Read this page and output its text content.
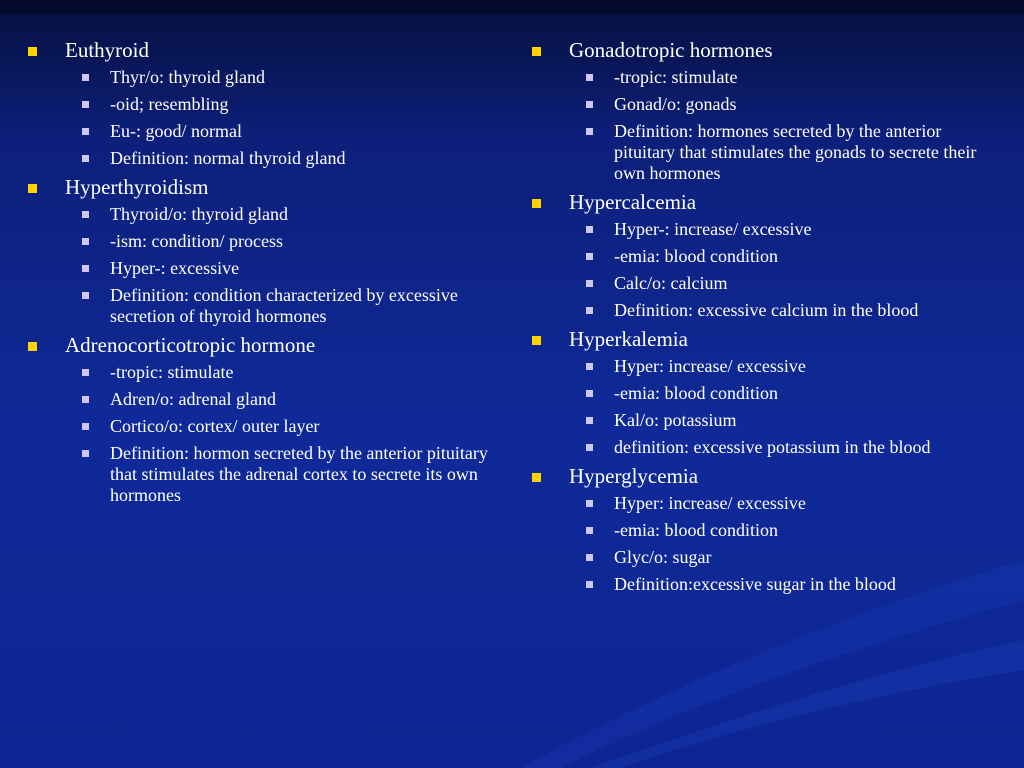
Euthyroid
Thyr/o: thyroid gland
-oid; resembling
Eu-: good/ normal
Definition: normal thyroid gland
Hyperthyroidism
Thyroid/o: thyroid gland
-ism: condition/ process
Hyper-: excessive
Definition: condition characterized by excessive secretion of thyroid hormones
Adrenocorticotropic hormone
-tropic: stimulate
Adren/o: adrenal gland
Cortico/o: cortex/ outer layer
Definition: hormon secreted by the anterior pituitary that stimulates the adrenal cortex to secrete its own hormones
Gonadotropic hormones
-tropic: stimulate
Gonad/o: gonads
Definition: hormones secreted by the anterior pituitary that stimulates the gonads to secrete their own hormones
Hypercalcemia
Hyper-: increase/ excessive
-emia: blood condition
Calc/o: calcium
Definition: excessive calcium in the blood
Hyperkalemia
Hyper: increase/ excessive
-emia: blood condition
Kal/o: potassium
definition: excessive potassium in the blood
Hyperglycemia
Hyper: increase/ excessive
-emia: blood condition
Glyc/o: sugar
Definition:excessive sugar in the blood
